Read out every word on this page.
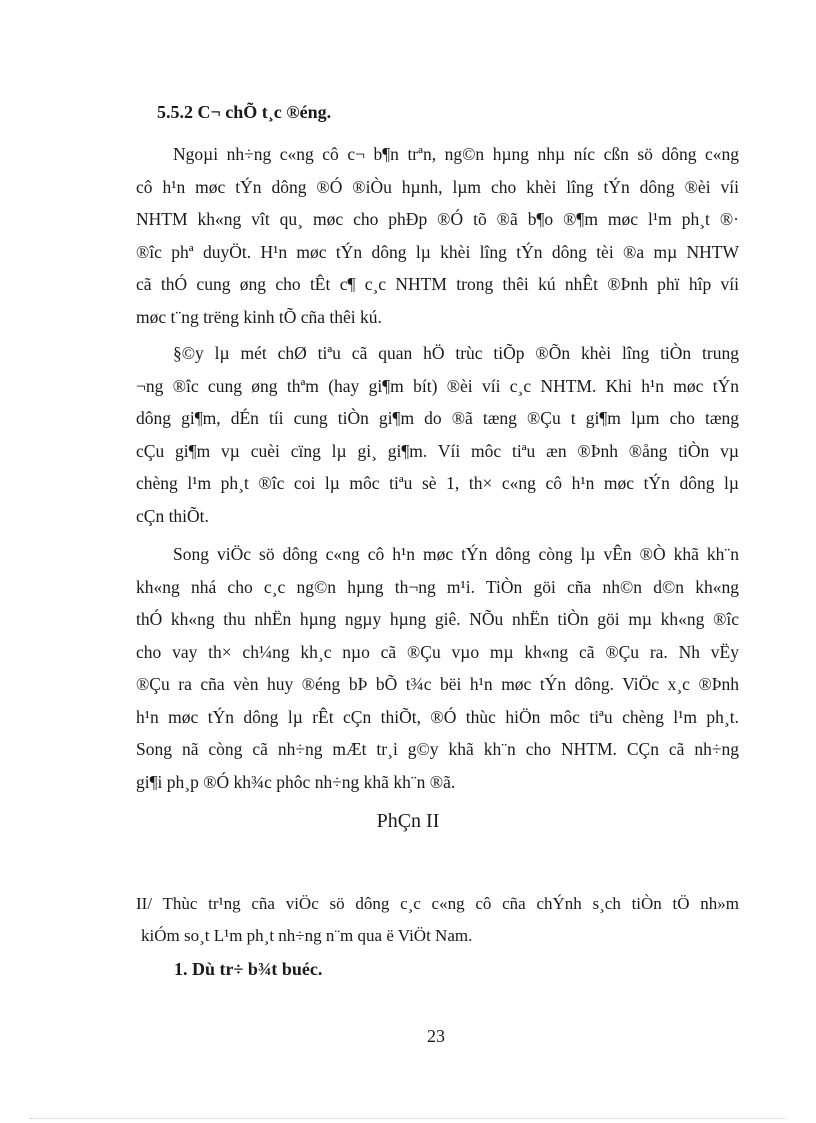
5.5.2 C¬ chÕ t¸c ®éng.
Ngoµi nh÷ng c«ng cô c¬ b¶n trªn, ng©n hµng nhµ níc cßn sö dông c«ng
cô h¹n møc tÝn dông ®Ó ®iÒu hµnh, lµm cho khèi lîng tÝn dông ®èi víi
NHTM kh«ng vît qu¸ møc cho phÐp ®Ó tõ ®ã b¶o ®¶m møc l¹m ph¸t ®·
®îc phª duyÖt. H¹n møc tÝn dông lµ khèi lîng tÝn dông tèi ®a mµ NHTW
cã thÓ cung øng cho tÊt c¶ c¸c NHTM trong thêi kú nhÊt ®Þnh phï hîp víi
møc t¨ng trëng kinh tÕ cña thêi kú.
§©y lµ mét chØ tiªu cã quan hÖ trùc tiÕp ®Õn khèi lîng tiÒn trung
¬ng ®îc cung øng thªm (hay gi¶m bít) ®èi víi c¸c NHTM. Khi h¹n møc tÝn
dông gi¶m, dÉn tíi cung tiÒn gi¶m do ®ã tæng ®Çu t gi¶m lµm cho tæng
cÇu gi¶m vµ cuèi cïng lµ gi¸ gi¶m. Víi môc tiªu æn ®Þnh ®ång tiÒn vµ
chèng l¹m ph¸t ®îc coi lµ môc tiªu sè 1, th× c«ng cô h¹n møc tÝn dông lµ
cÇn thiÕt.
Song viÖc sö dông c«ng cô h¹n møc tÝn dông còng lµ vÊn ®Ò khã kh¨n
kh«ng nhá cho c¸c ng©n hµng th¬ng m¹i. TiÒn göi cña nh©n d©n kh«ng
thÓ kh«ng thu nhËn hµng ngµy hµng giê. NÕu nhËn tiÒn göi mµ kh«ng ®îc
cho vay th× ch¼ng kh¸c nµo cã ®Çu vµo mµ kh«ng cã ®Çu ra. Nh vËy
®Çu ra cña vèn huy ®éng bÞ bÕ t¾c bëi h¹n møc tÝn dông. ViÖc x¸c ®Þnh
h¹n møc tÝn dông lµ rÊt cÇn thiÕt, ®Ó thùc hiÖn môc tiªu chèng l¹m ph¸t.
Song nã còng cã nh÷ng mÆt tr¸i g©y khã kh¨n cho NHTM. CÇn cã nh÷ng
gi¶i ph¸p ®Ó kh¾c phôc nh÷ng khã kh¨n ®ã.
PhÇn II
II/ Thùc tr¹ng cña viÖc sö dông c¸c c«ng cô cña chÝnh s¸ch tiÒn tÖ nh»m
kiÓm so¸t L¹m ph¸t nh÷ng n¨m qua ë ViÖt Nam.
1. Dù tr÷ b¾t buéc.
23
